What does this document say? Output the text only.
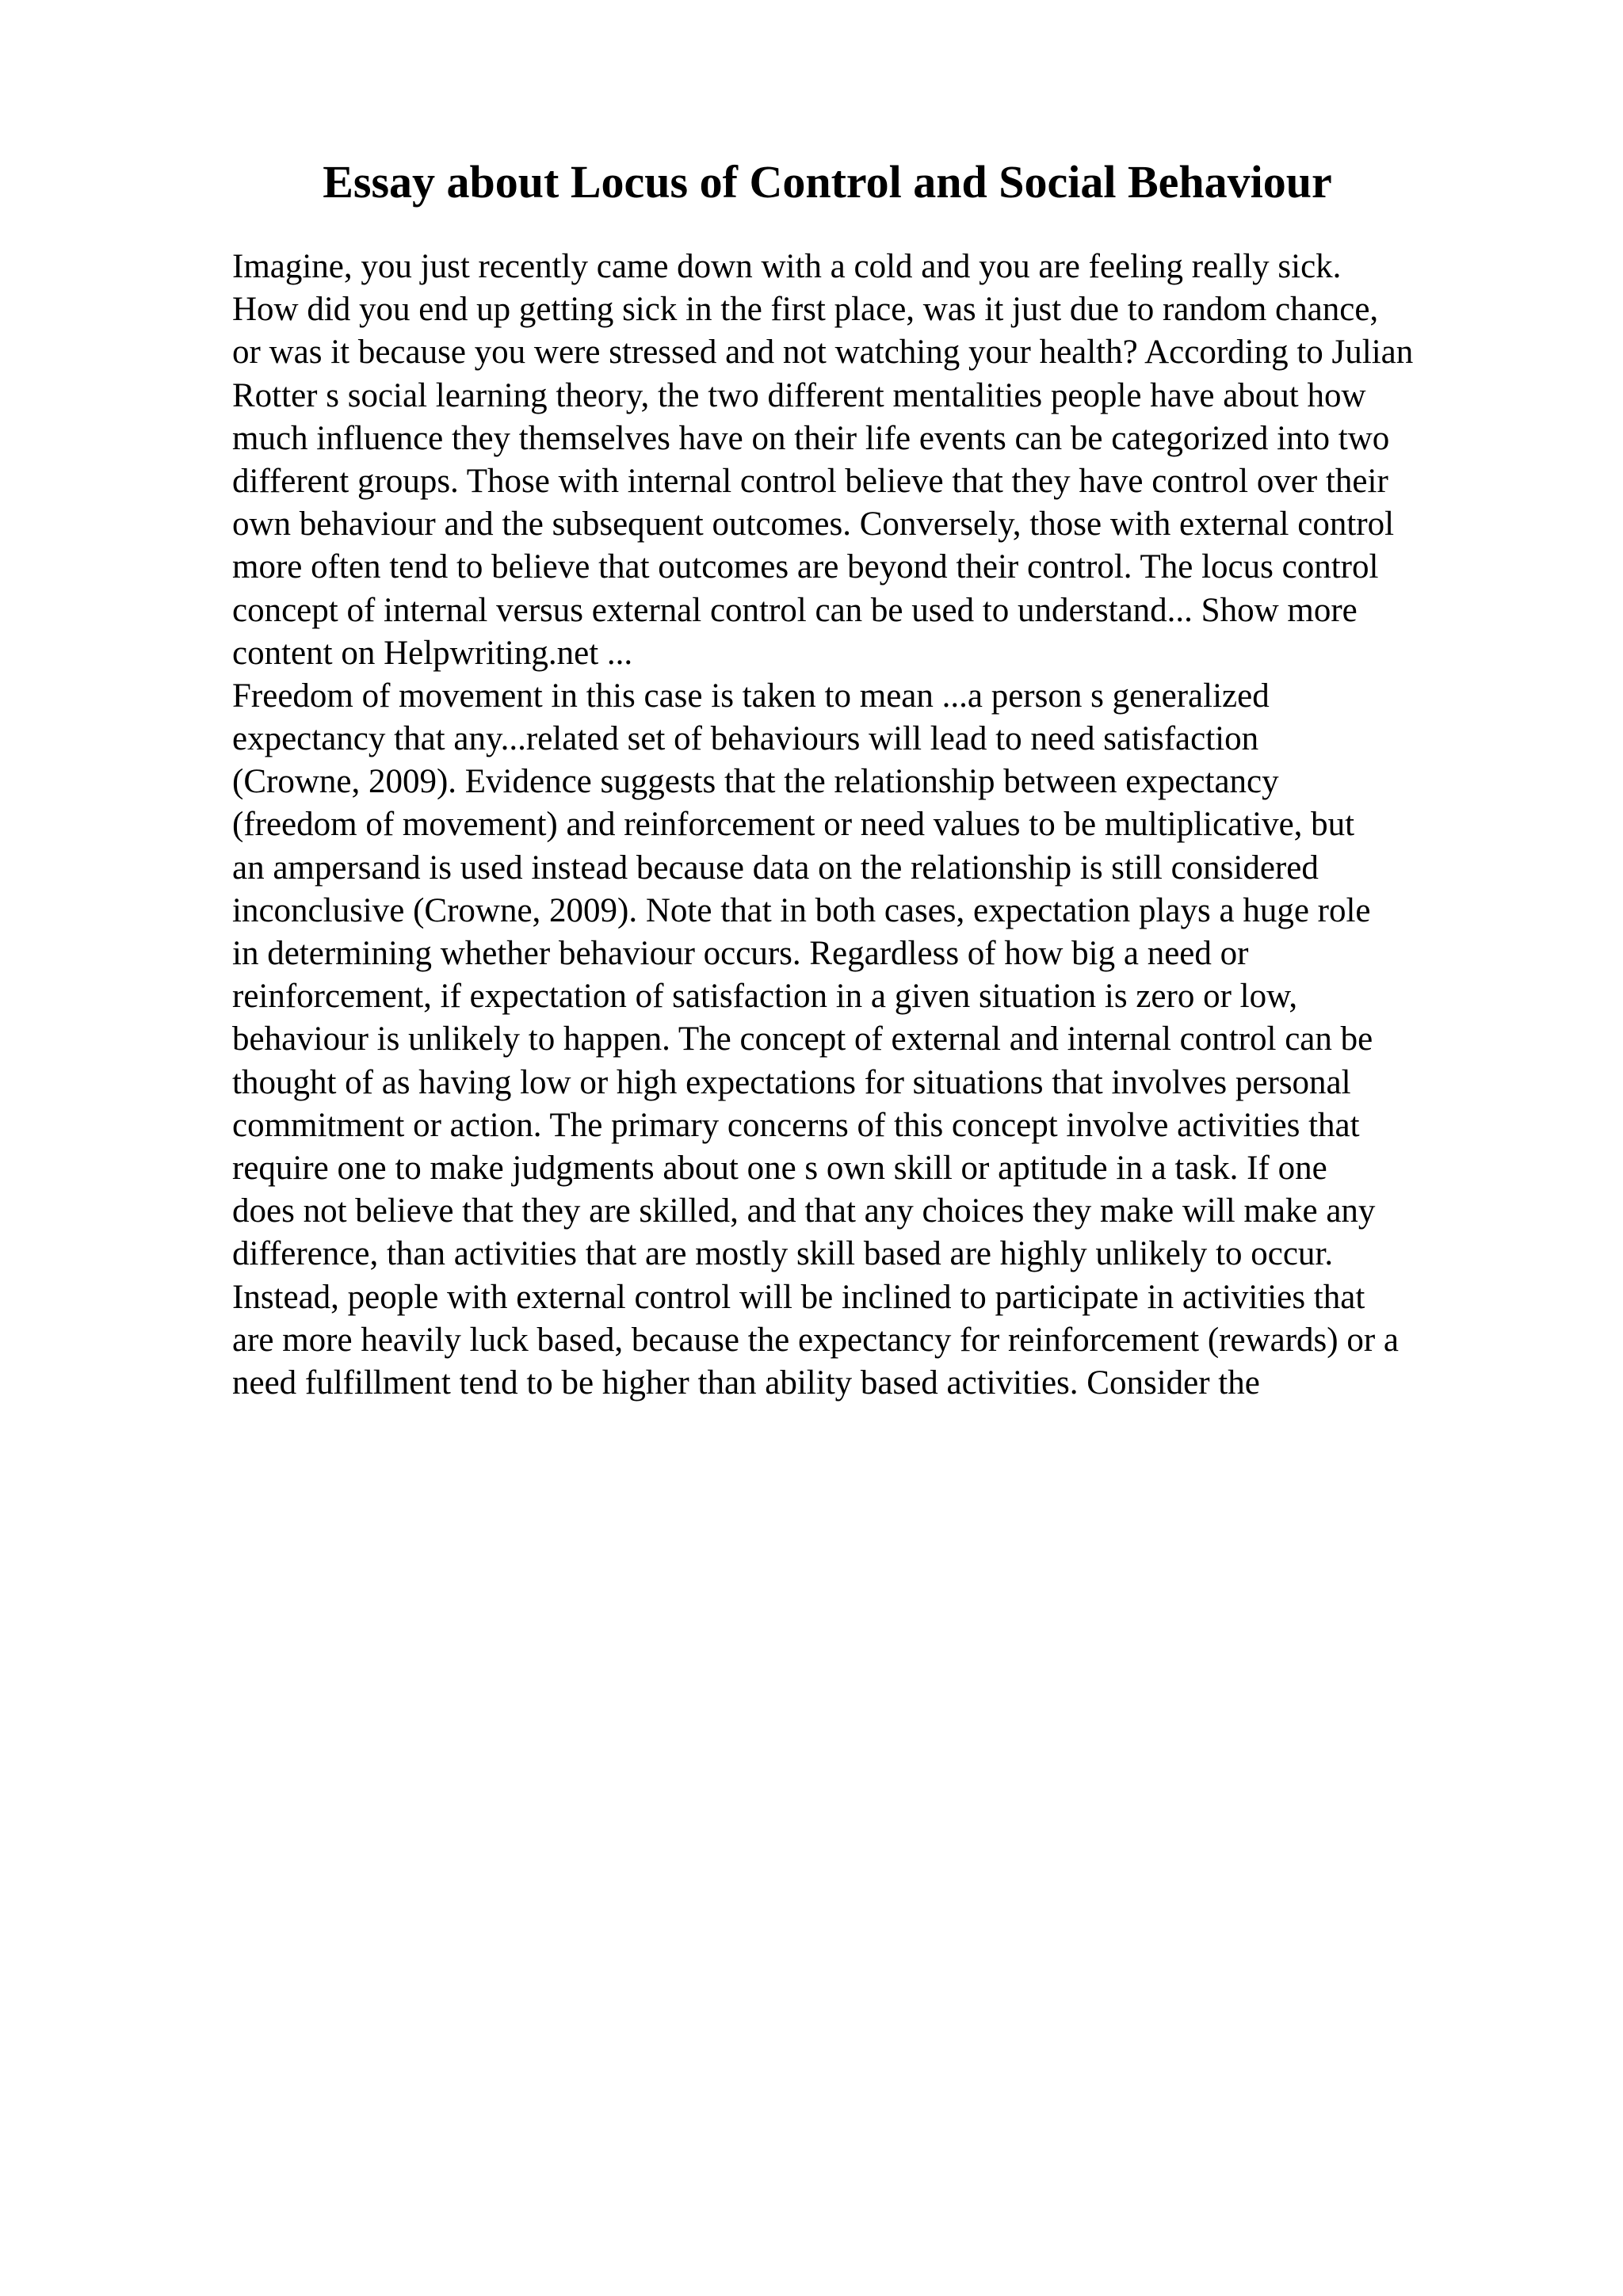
Essay about Locus of Control and Social Behaviour
Imagine, you just recently came down with a cold and you are feeling really sick.
How did you end up getting sick in the first place, was it just due to random chance,
or was it because you were stressed and not watching your health? According to Julian
Rotter s social learning theory, the two different mentalities people have about how
much influence they themselves have on their life events can be categorized into two
different groups. Those with internal control believe that they have control over their
own behaviour and the subsequent outcomes. Conversely, those with external control
more often tend to believe that outcomes are beyond their control. The locus control
concept of internal versus external control can be used to understand... Show more
content on Helpwriting.net ...
Freedom of movement in this case is taken to mean ...a person s generalized
expectancy that any...related set of behaviours will lead to need satisfaction
(Crowne, 2009). Evidence suggests that the relationship between expectancy
(freedom of movement) and reinforcement or need values to be multiplicative, but
an ampersand is used instead because data on the relationship is still considered
inconclusive (Crowne, 2009). Note that in both cases, expectation plays a huge role
in determining whether behaviour occurs. Regardless of how big a need or
reinforcement, if expectation of satisfaction in a given situation is zero or low,
behaviour is unlikely to happen. The concept of external and internal control can be
thought of as having low or high expectations for situations that involves personal
commitment or action. The primary concerns of this concept involve activities that
require one to make judgments about one s own skill or aptitude in a task. If one
does not believe that they are skilled, and that any choices they make will make any
difference, than activities that are mostly skill based are highly unlikely to occur.
Instead, people with external control will be inclined to participate in activities that
are more heavily luck based, because the expectancy for reinforcement (rewards) or a
need fulfillment tend to be higher than ability based activities. Consider the
